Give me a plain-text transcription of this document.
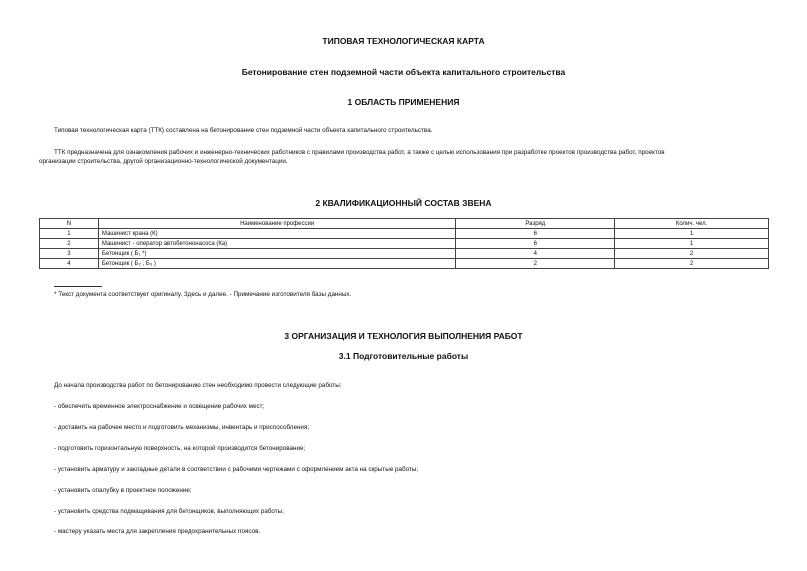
ТИПОВАЯ ТЕХНОЛОГИЧЕСКАЯ КАРТА
Бетонирование стен подземной части объекта капитального строительства
1 ОБЛАСТЬ ПРИМЕНЕНИЯ
Типовая технологическая карта (ТТК) составлена на бетонирование стен подземной части объекта капитального строительства.
ТТК предназначена для ознакомления рабочих и инженерно-технических работников с правилами производства работ, а также с целью использования при разработке проектов производства работ, проектов
организации строительства, другой организационно-технологической документации.
2 КВАЛИФИКАЦИОННЫЙ СОСТАВ ЗВЕНА
N	Наименование профессии	Разряд	Колич. чел.
1	Машинист крана (К)	6	1
2	Машинист - оператор автобетононасоса (Ка)	6	1
3	Бетонщик ( Б₁ *)	4	2
4	Бетонщик ( Б₂ , Б₃ )	2	2
* Текст документа соответствует оригиналу. Здесь и далее. - Примечание изготовителя базы данных.
3 ОРГАНИЗАЦИЯ И ТЕХНОЛОГИЯ ВЫПОЛНЕНИЯ РАБОТ
3.1 Подготовительные работы
До начала производства работ по бетонированию стен необходимо провести следующие работы:
- обеспечить временное электроснабжение и освещение рабочих мест;
- доставить на рабочее место и подготовить механизмы, инвентарь и приспособления;
- подготовить горизонтальную поверхность, на которой производится бетонирование;
- установить арматуру и закладные детали в соответствии с рабочими чертежами с оформлением акта на скрытые работы;
- установить опалубку в проектное положение;
- установить средства подмащивания для бетонщиков, выполняющих работы;
- мастеру указать места для закрепления предохранительных поясов.
